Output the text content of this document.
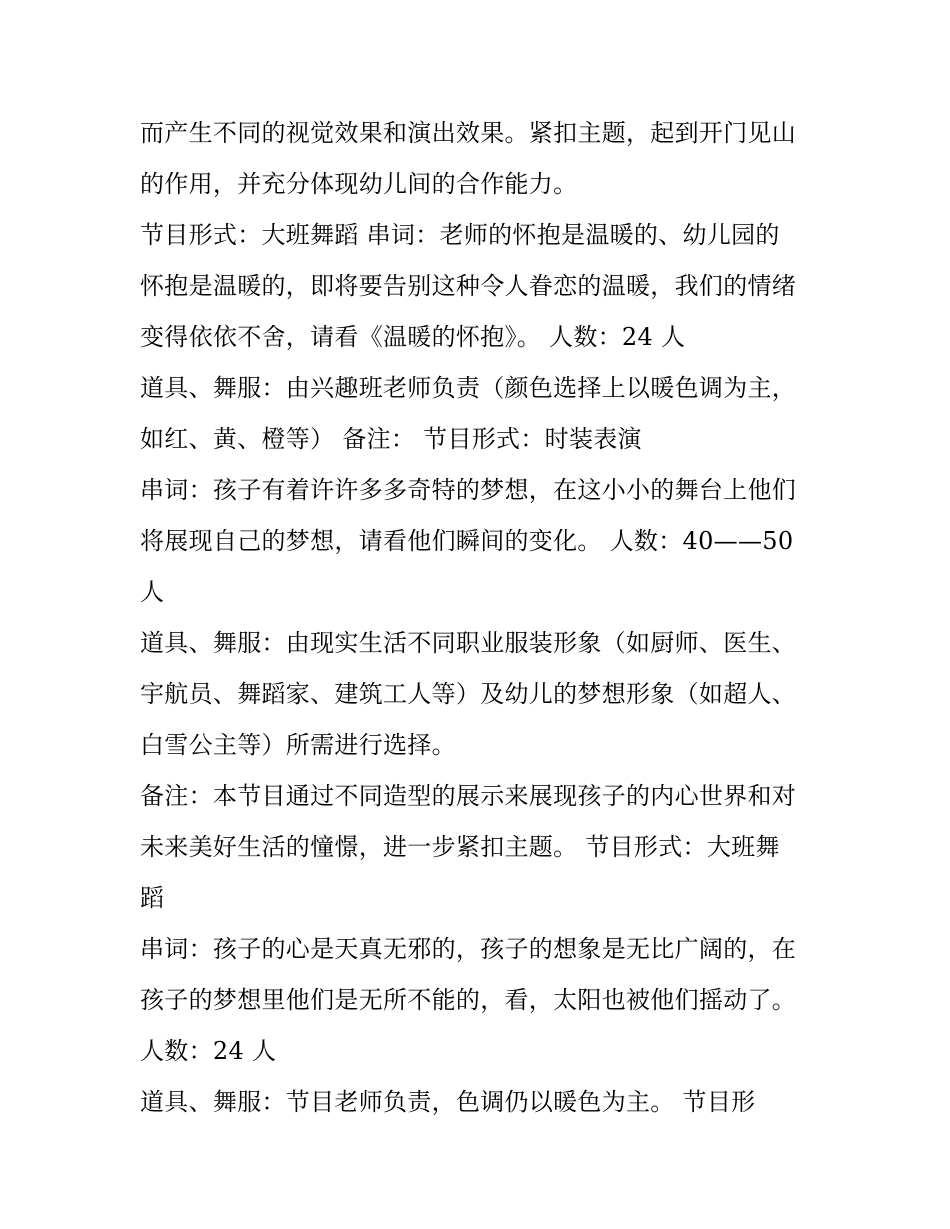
而产生不同的视觉效果和演出效果。紧扣主题，起到开门见山

的作用，并充分体现幼儿间的合作能力。

节目形式：大班舞蹈 串词：老师的怀抱是温暖的、幼儿园的

怀抱是温暖的，即将要告别这种令人眷恋的温暖，我们的情绪

变得依依不舍，请看《温暖的怀抱》。 人数：24 人

道具、舞服：由兴趣班老师负责（颜色选择上以暖色调为主，

如红、黄、橙等） 备注： 节目形式：时装表演

串词：孩子有着许许多多奇特的梦想，在这小小的舞台上他们

将展现自己的梦想，请看他们瞬间的变化。 人数：40——50

人

道具、舞服：由现实生活不同职业服装形象（如厨师、医生、

宇航员、舞蹈家、建筑工人等）及幼儿的梦想形象（如超人、

白雪公主等）所需进行选择。

备注：本节目通过不同造型的展示来展现孩子的内心世界和对

未来美好生活的憧憬，进一步紧扣主题。 节目形式：大班舞

蹈

串词：孩子的心是天真无邪的，孩子的想象是无比广阔的，在

孩子的梦想里他们是无所不能的，看，太阳也被他们摇动了。

人数：24 人

道具、舞服：节目老师负责，色调仍以暖色为主。 节目形
